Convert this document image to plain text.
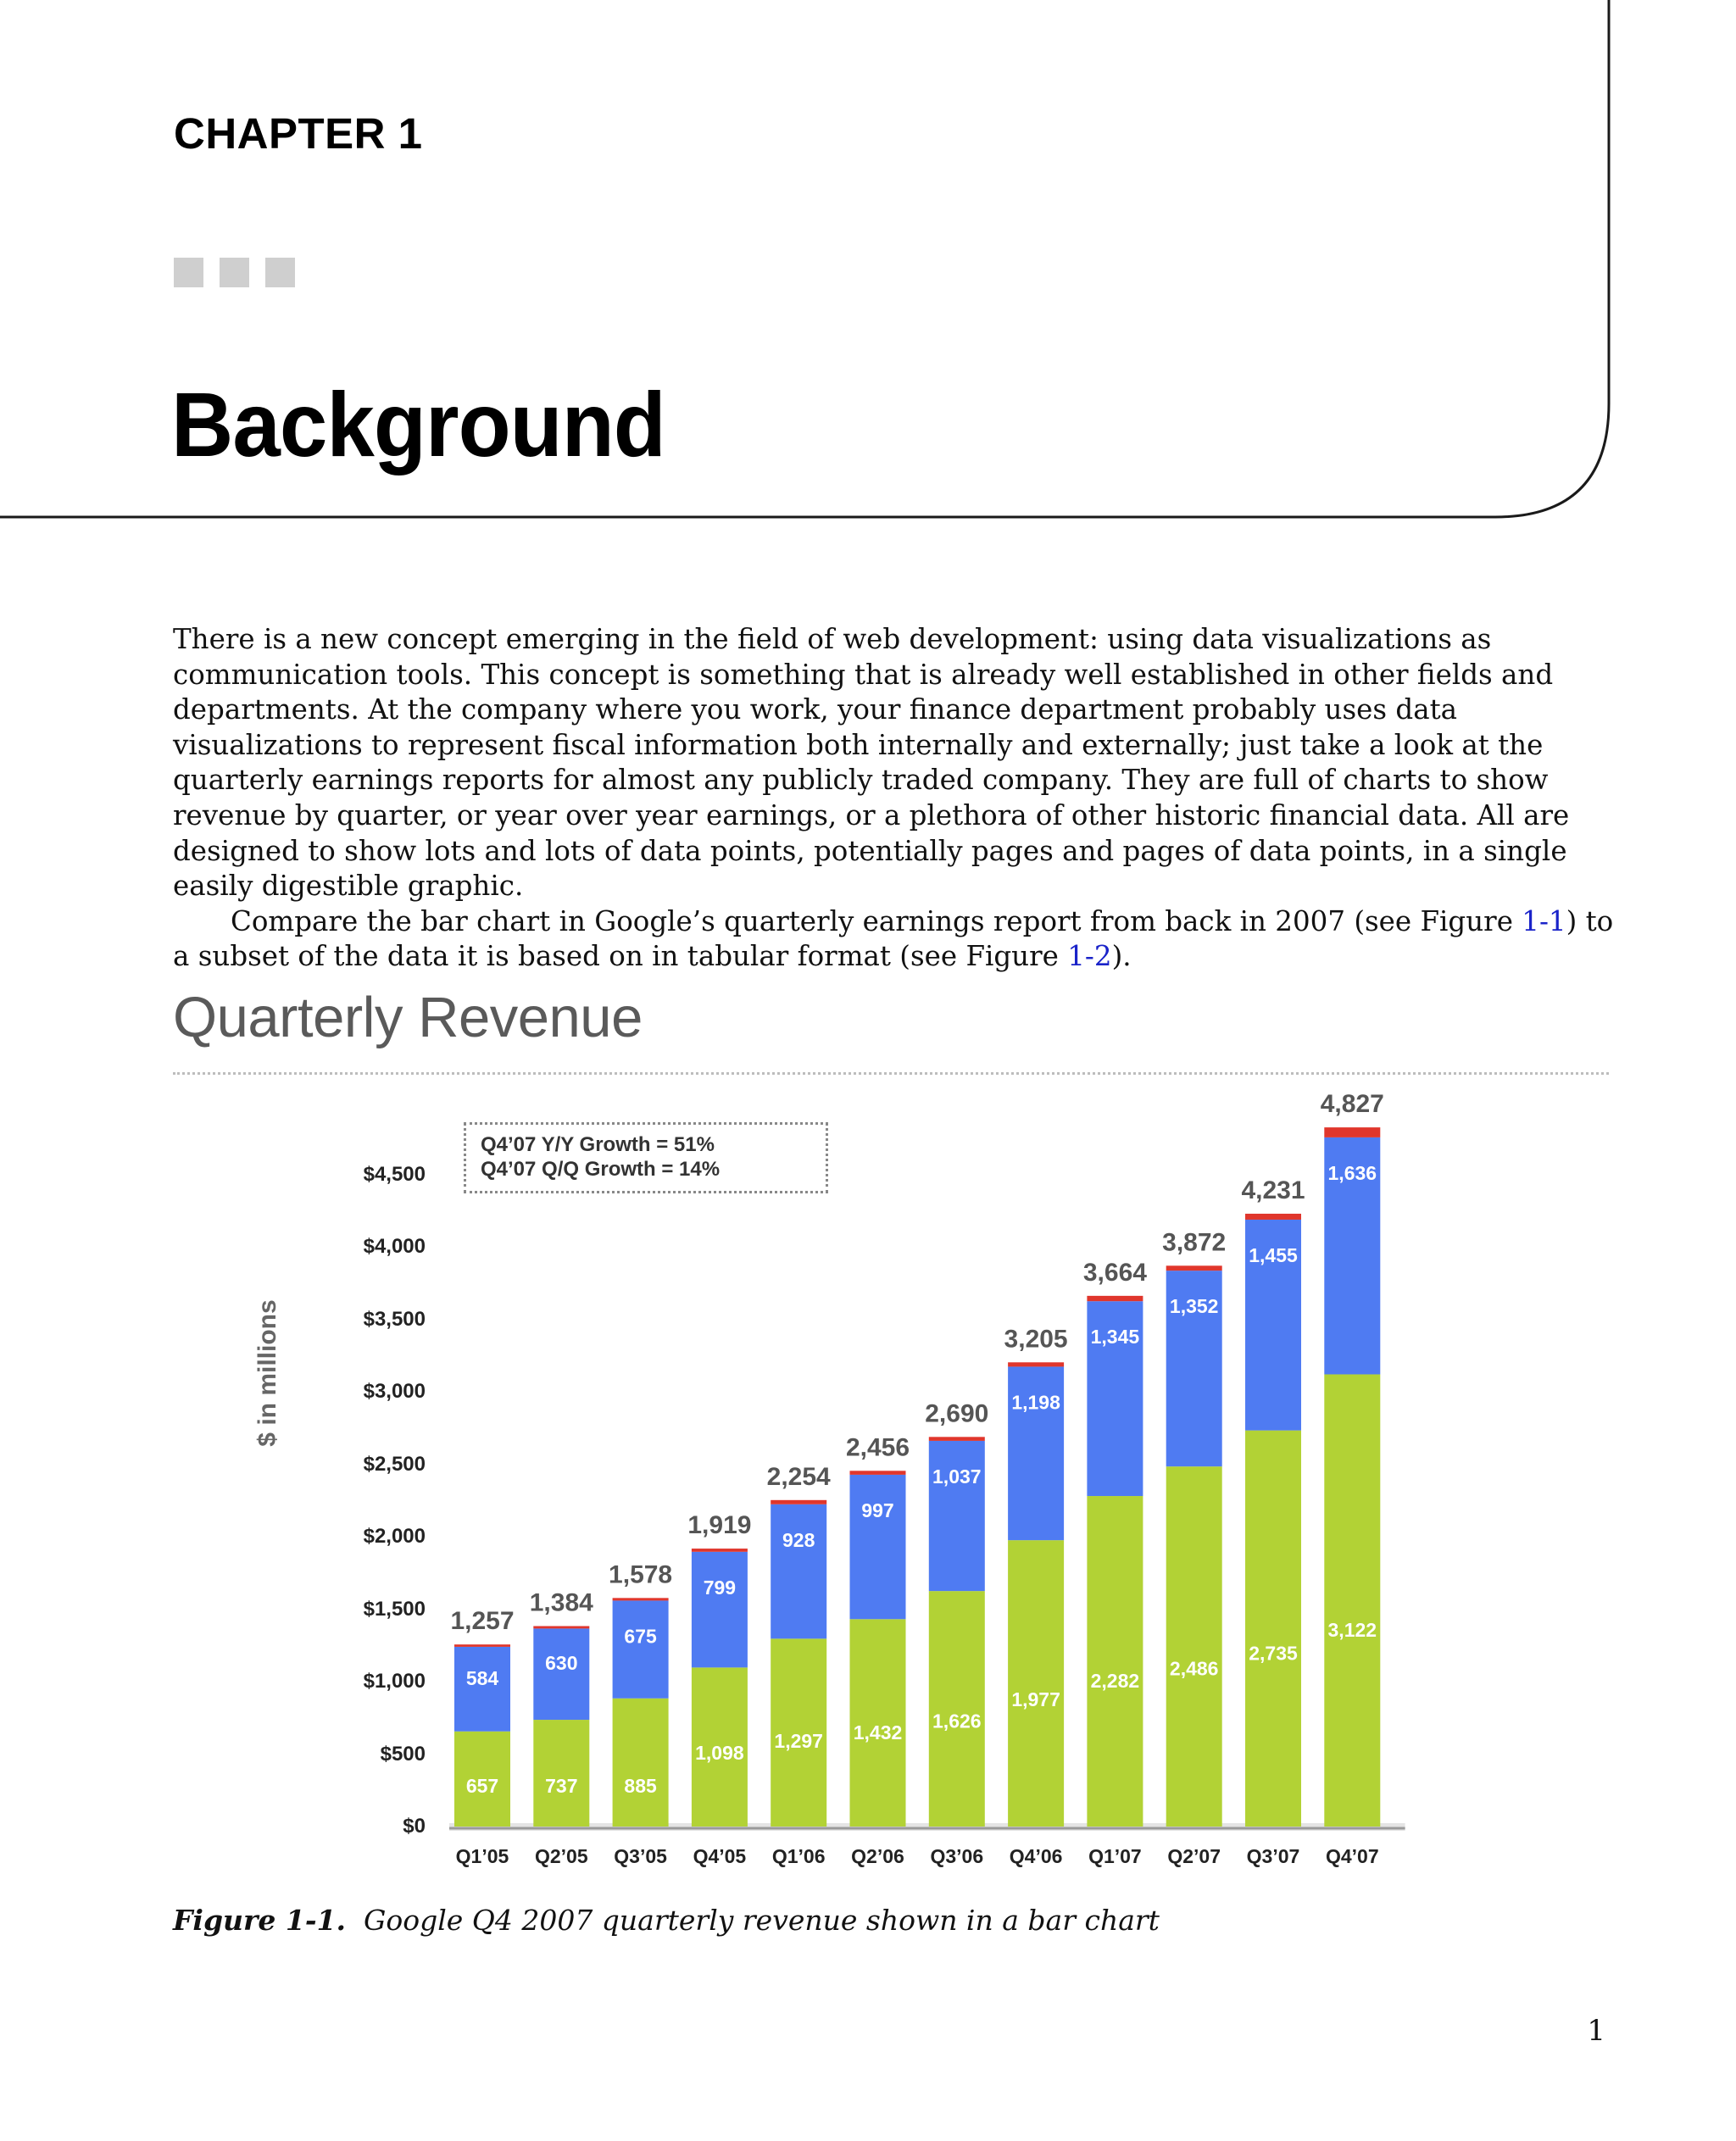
CHAPTER 1
Background

There is a new concept emerging in the field of web development: using data visualizations as communication tools. This concept is something that is already well established in other fields and departments. At the company where you work, your finance department probably uses data visualizations to represent fiscal information both internally and externally; just take a look at the quarterly earnings reports for almost any publicly traded company. They are full of charts to show revenue by quarter, or year over year earnings, or a plethora of other historic financial data. All are designed to show lots and lots of data points, potentially pages and pages of data points, in a single easily digestible graphic.

Compare the bar chart in Google’s quarterly earnings report from back in 2007 (see Figure 1-1) to a subset of the data it is based on in tabular format (see Figure 1-2).

Quarterly Revenue
$ in millions
$0
$500
$1,000
$1,500
$2,000
$2,500
$3,000
$3,500
$4,000
$4,500
Q4’07 Y/Y Growth = 51%
Q4’07 Q/Q Growth = 14%
657
584
1,257
Q1’05
737
630
1,384
Q2’05
885
675
1,578
Q3’05
1,098
799
1,919
Q4’05
1,297
928
2,254
Q1’06
1,432
997
2,456
Q2’06
1,626
1,037
2,690
Q3’06
1,977
1,198
3,205
Q4’06
2,282
1,345
3,664
Q1’07
2,486
1,352
3,872
Q2’07
2,735
1,455
4,231
Q3’07
3,122
1,636
4,827
Q4’07
Figure 1-1. Google Q4 2007 quarterly revenue shown in a bar chart
1
